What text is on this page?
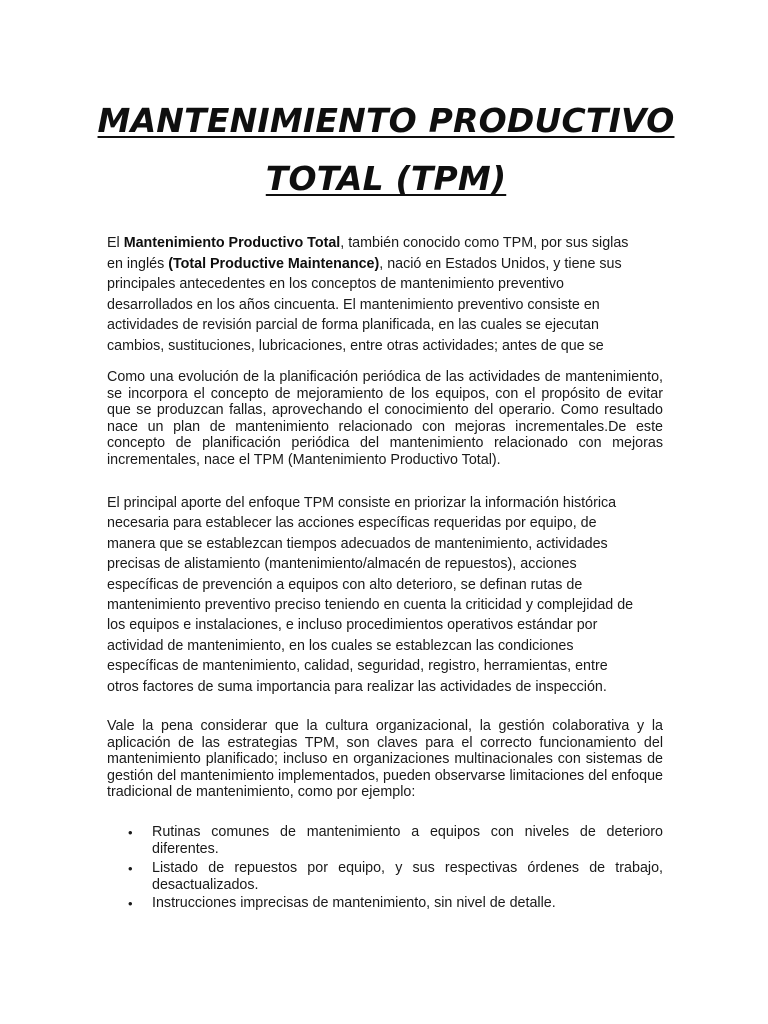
MANTENIMIENTO PRODUCTIVO
TOTAL (TPM)
El Mantenimiento Productivo Total, también conocido como TPM, por sus siglas
en inglés (Total Productive Maintenance), nació en Estados Unidos, y tiene sus
principales antecedentes en los conceptos de mantenimiento preventivo
desarrollados en los años cincuenta. El mantenimiento preventivo consiste en
actividades de revisión parcial de forma planificada, en las cuales se ejecutan
cambios, sustituciones, lubricaciones, entre otras actividades; antes de que se

Como una evolución de la planificación periódica de las actividades de mantenimiento, se incorpora el concepto de mejoramiento de los equipos, con el propósito de evitar que se produzcan fallas, aprovechando el conocimiento del operario. Como resultado nace un plan de mantenimiento relacionado con mejoras incrementales.De este concepto de planificación periódica del mantenimiento relacionado con mejoras incrementales, nace el TPM (Mantenimiento Productivo Total).

El principal aporte del enfoque TPM consiste en priorizar la información histórica
necesaria para establecer las acciones específicas requeridas por equipo, de
manera que se establezcan tiempos adecuados de mantenimiento, actividades
precisas de alistamiento (mantenimiento/almacén de repuestos), acciones
específicas de prevención a equipos con alto deterioro, se definan rutas de
mantenimiento preventivo preciso teniendo en cuenta la criticidad y complejidad de
los equipos e instalaciones, e incluso procedimientos operativos estándar por
actividad de mantenimiento, en los cuales se establezcan las condiciones
específicas de mantenimiento, calidad, seguridad, registro, herramientas, entre
otros factores de suma importancia para realizar las actividades de inspección.

Vale la pena considerar que la cultura organizacional, la gestión colaborativa y la aplicación de las estrategias TPM, son claves para el correcto funcionamiento del mantenimiento planificado; incluso en organizaciones multinacionales con sistemas de gestión del mantenimiento implementados, pueden observarse limitaciones del enfoque tradicional de mantenimiento, como por ejemplo:

• Rutinas comunes de mantenimiento a equipos con niveles de deterioro diferentes.
• Listado de repuestos por equipo, y sus respectivas órdenes de trabajo, desactualizados.
• Instrucciones imprecisas de mantenimiento, sin nivel de detalle.
